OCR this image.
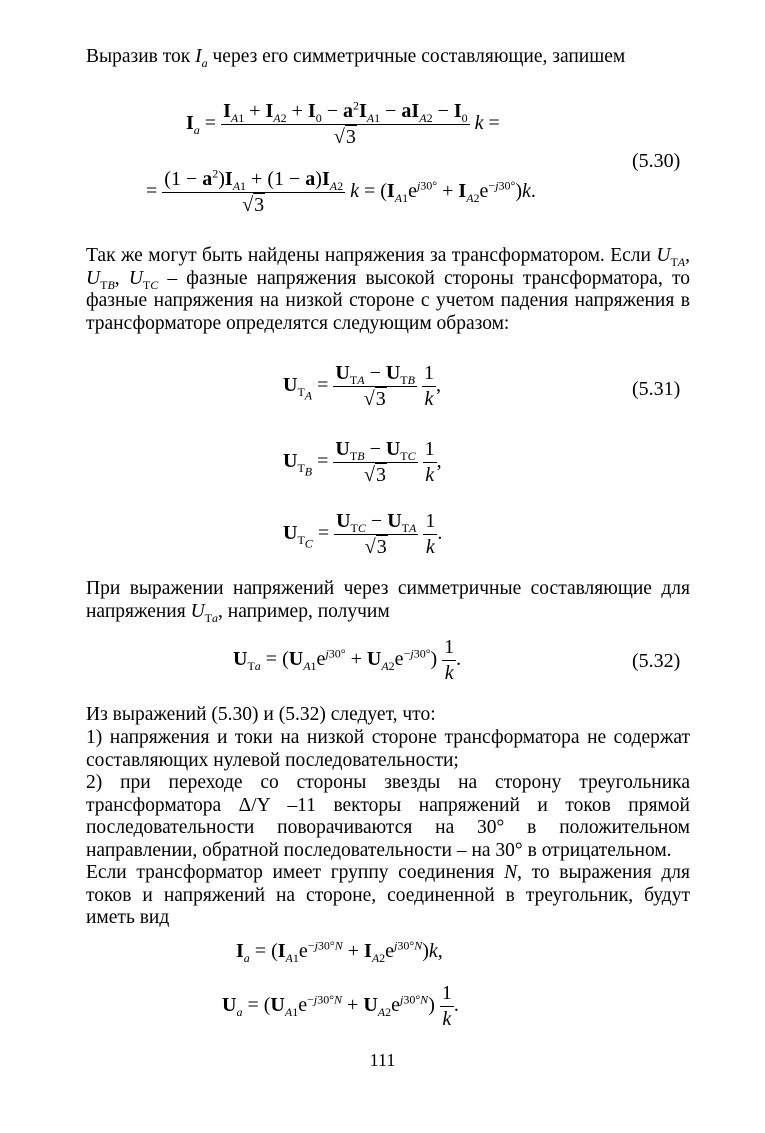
Выразив ток $I_a$ через его симметричные составляющие, запишем
$I_a = \frac{I_{A1} + I_{A2} + I_0 - a^2I_{A1} - aI_{A2} - I_0}{√3}$ k =
= $\frac{(1 - a^2)I_{A1} + (1 - a)I_{A2}}{√3}$ $k = (I_{A1}e^{j30^\circ} + I_{A2}e^{-j30^\circ})k$.
(5.30)
Так же могут быть найдены напряжения за трансформатором. Если $U_{TA}$, $U_{TB}$, $U_{TC}$ – фазные напряжения высокой стороны трансформатора, то фазные напряжения на низкой стороне с учетом падения напряжения в трансформаторе определятся следующим образом:
$U_{T_A} = \frac{U_{TA} - U_{TB}}{√3}$
$\frac{1}{k}$ ,	(5.31)
$U_{T_B} = \frac{U_{TB} - U_{TC}}{√3}$
$\frac{1}{k}$ ,
$U_{T_C} = \frac{U_{TC} - U_{TA}}{√3}$
$\frac{1}{k}$ .
При выражении напряжений через симметричные составляющие для напряжения $U_{Ta}$, например, получим
$U_{Ta} = (U_{A1}e^{j30^\circ} + U_{A2}e^{-j30^\circ}) \frac{1}{k}$ .	(5.32)
Из выражений (5.30) и (5.32) следует, что:
1) напряжения и токи на низкой стороне трансформатора не содержат составляющих нулевой последовательности;
2) при переходе со стороны звезды на сторону треугольника трансформатора Δ/Y –11 векторы напряжений и токов прямой последовательности поворачиваются на 30° в положительном направлении, обратной последовательности – на 30° в отрицательном.
Если трансформатор имеет группу соединения N, то выражения для токов и напряжений на стороне, соединенной в треугольник, будут иметь вид
$I_a = (I_{A1}e^{-j30^\circ N} + I_{A2}e^{j30^\circ N})k$,
$U_a = (U_{A1}e^{-j30^\circ N} + U_{A2}e^{j30^\circ N}) \frac{1}{k}$ .
111
